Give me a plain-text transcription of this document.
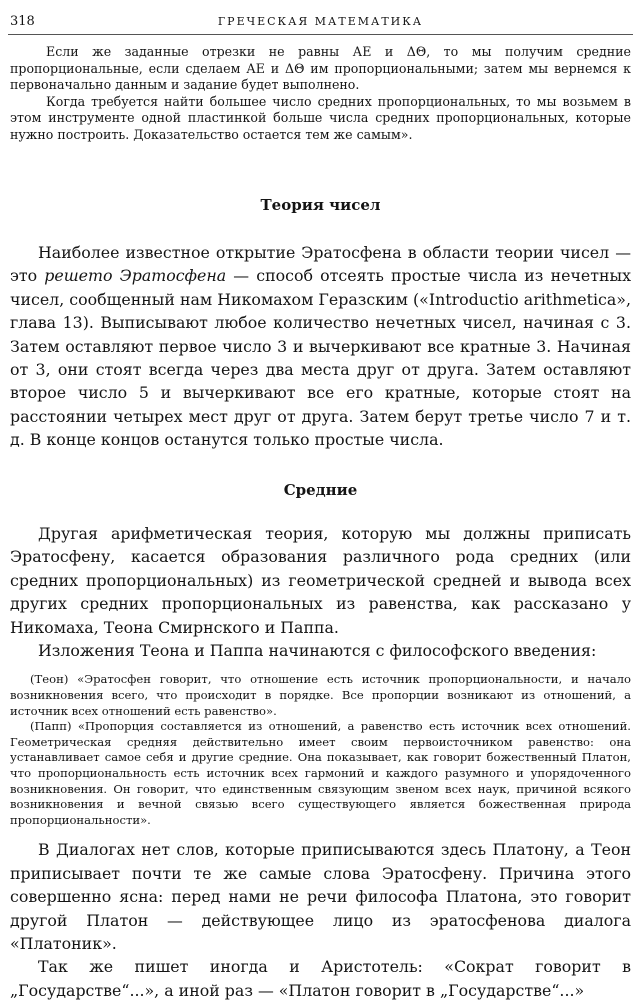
318	ГРЕЧЕСКАЯ МАТЕМАТИКА

Если же заданные отрезки не равны АЕ и ΔΘ, то мы получим средние пропорциональные, если сделаем АЕ и ΔΘ им пропорциональными; затем мы вернемся к первоначально данным и задание будет выполнено.

Когда требуется найти большее число средних пропорциональных, то мы возьмем в этом инструменте одной пластинкой больше числа средних пропорциональных, которые нужно построить. Доказательство остается тем же самым».

Теория чисел

Наиболее известное открытие Эратосфена в области теории чисел — это решето Эратосфена — способ отсеять простые числа из нечетных чисел, сообщенный нам Никомахом Геразским («Introductio arithmetica», глава 13). Выписывают любое количество нечетных чисел, начиная с 3. Затем оставляют первое число 3 и вычеркивают все кратные 3. Начиная от 3, они стоят всегда через два места друг от друга. Затем оставляют второе число 5 и вычеркивают все его кратные, которые стоят на расстоянии четырех мест друг от друга. Затем берут третье число 7 и т. д. В конце концов останутся только простые числа.

Средние

Другая арифметическая теория, которую мы должны приписать Эратосфену, касается образования различного рода средних (или средних пропорциональных) из геометрической средней и вывода всех других средних пропорциональных из равенства, как рассказано у Никомаха, Теона Смирнского и Паппа.

Изложения Теона и Паппа начинаются с философского введения:

(Теон) «Эратосфен говорит, что отношение есть источник пропорциональности, и начало возникновения всего, что происходит в порядке. Все пропорции возникают из отношений, а источник всех отношений есть равенство».

(Папп) «Пропорция составляется из отношений, а равенство есть источник всех отношений. Геометрическая средняя действительно имеет своим первоисточником равенство: она устанавливает самое себя и другие средние. Она показывает, как говорит божественный Платон, что пропорциональность есть источник всех гармоний и каждого разумного и упорядоченного возникновения. Он говорит, что единственным связующим звеном всех наук, причиной всякого возникновения и вечной связью всего существующего является божественная природа пропорциональности».

В Диалогах нет слов, которые приписываются здесь Платону, а Теон приписывает почти те же самые слова Эратосфену. Причина этого совершенно ясна: перед нами не речи философа Платона, это говорит другой Платон — действующее лицо из эратосфенова диалога «Платоник».

Так же пишет иногда и Аристотель: «Сократ говорит в „Государстве“...», а иной раз — «Платон говорит в „Государстве“...»
